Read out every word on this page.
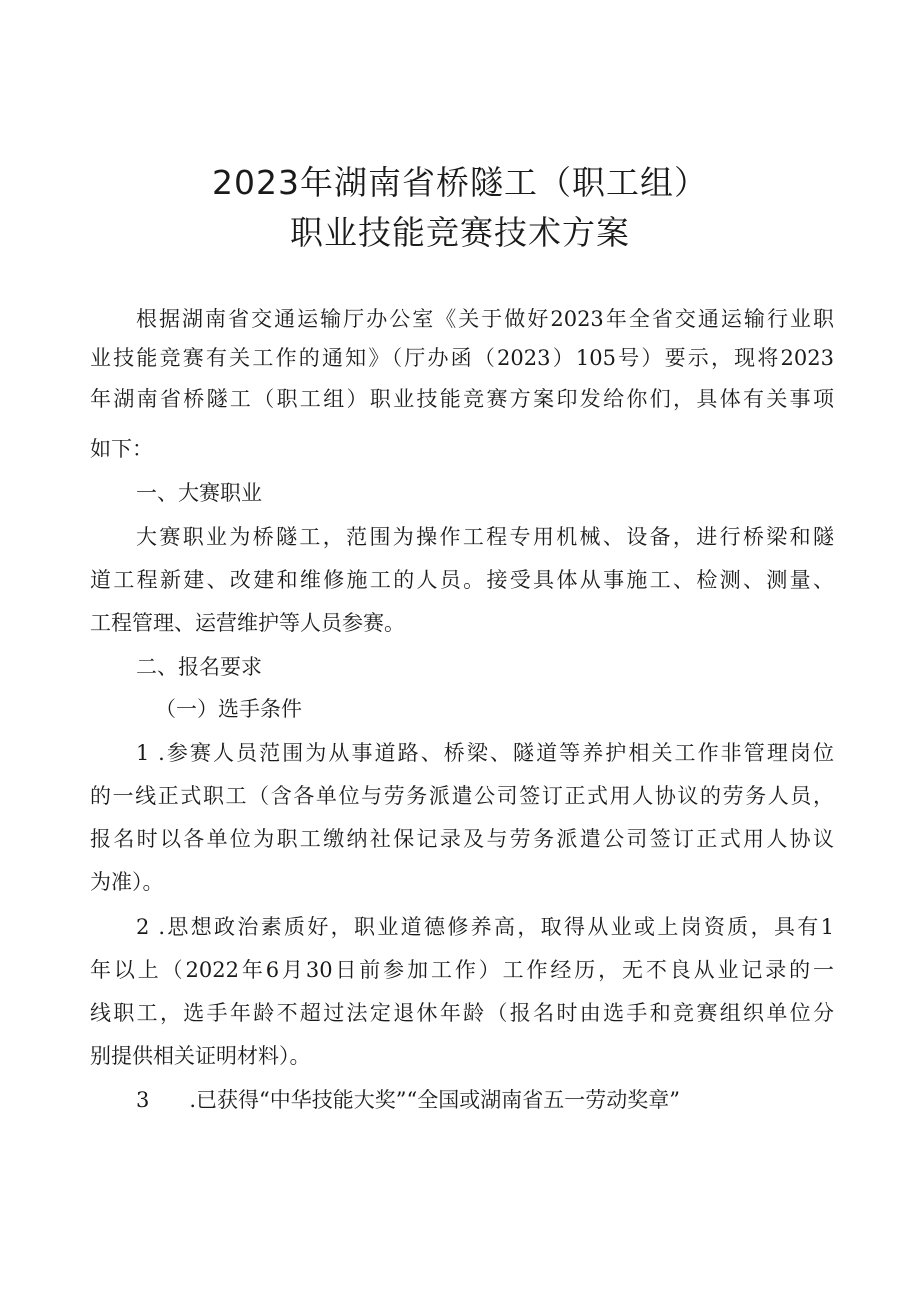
2023年湖南省桥隧工（职工组）
职业技能竞赛技术方案
根据湖南省交通运输厅办公室《关于做好2023年全省交通运输行业职
业技能竞赛有关工作的通知》（厅办函（2023）105号）要示，现将2023
年湖南省桥隧工（职工组）职业技能竞赛方案印发给你们，具体有关事项
如下：
一、大赛职业
大赛职业为桥隧工，范围为操作工程专用机械、设备，进行桥梁和隧
道工程新建、改建和维修施工的人员。接受具体从事施工、检测、测量、
工程管理、运营维护等人员参赛。
二、报名要求
（一）选手条件
1 .参赛人员范围为从事道路、桥梁、隧道等养护相关工作非管理岗位
的一线正式职工（含各单位与劳务派遣公司签订正式用人协议的劳务人员，
报名时以各单位为职工缴纳社保记录及与劳务派遣公司签订正式用人协议
为准）。
2 .思想政治素质好，职业道德修养高，取得从业或上岗资质，具有1
年以上（2022年6月30日前参加工作）工作经历，无不良从业记录的一
线职工，选手年龄不超过法定退休年龄（报名时由选手和竞赛组织单位分
别提供相关证明材料）。
3 .已获得“中华技能大奖”“全国或湖南省五一劳动奖章”
